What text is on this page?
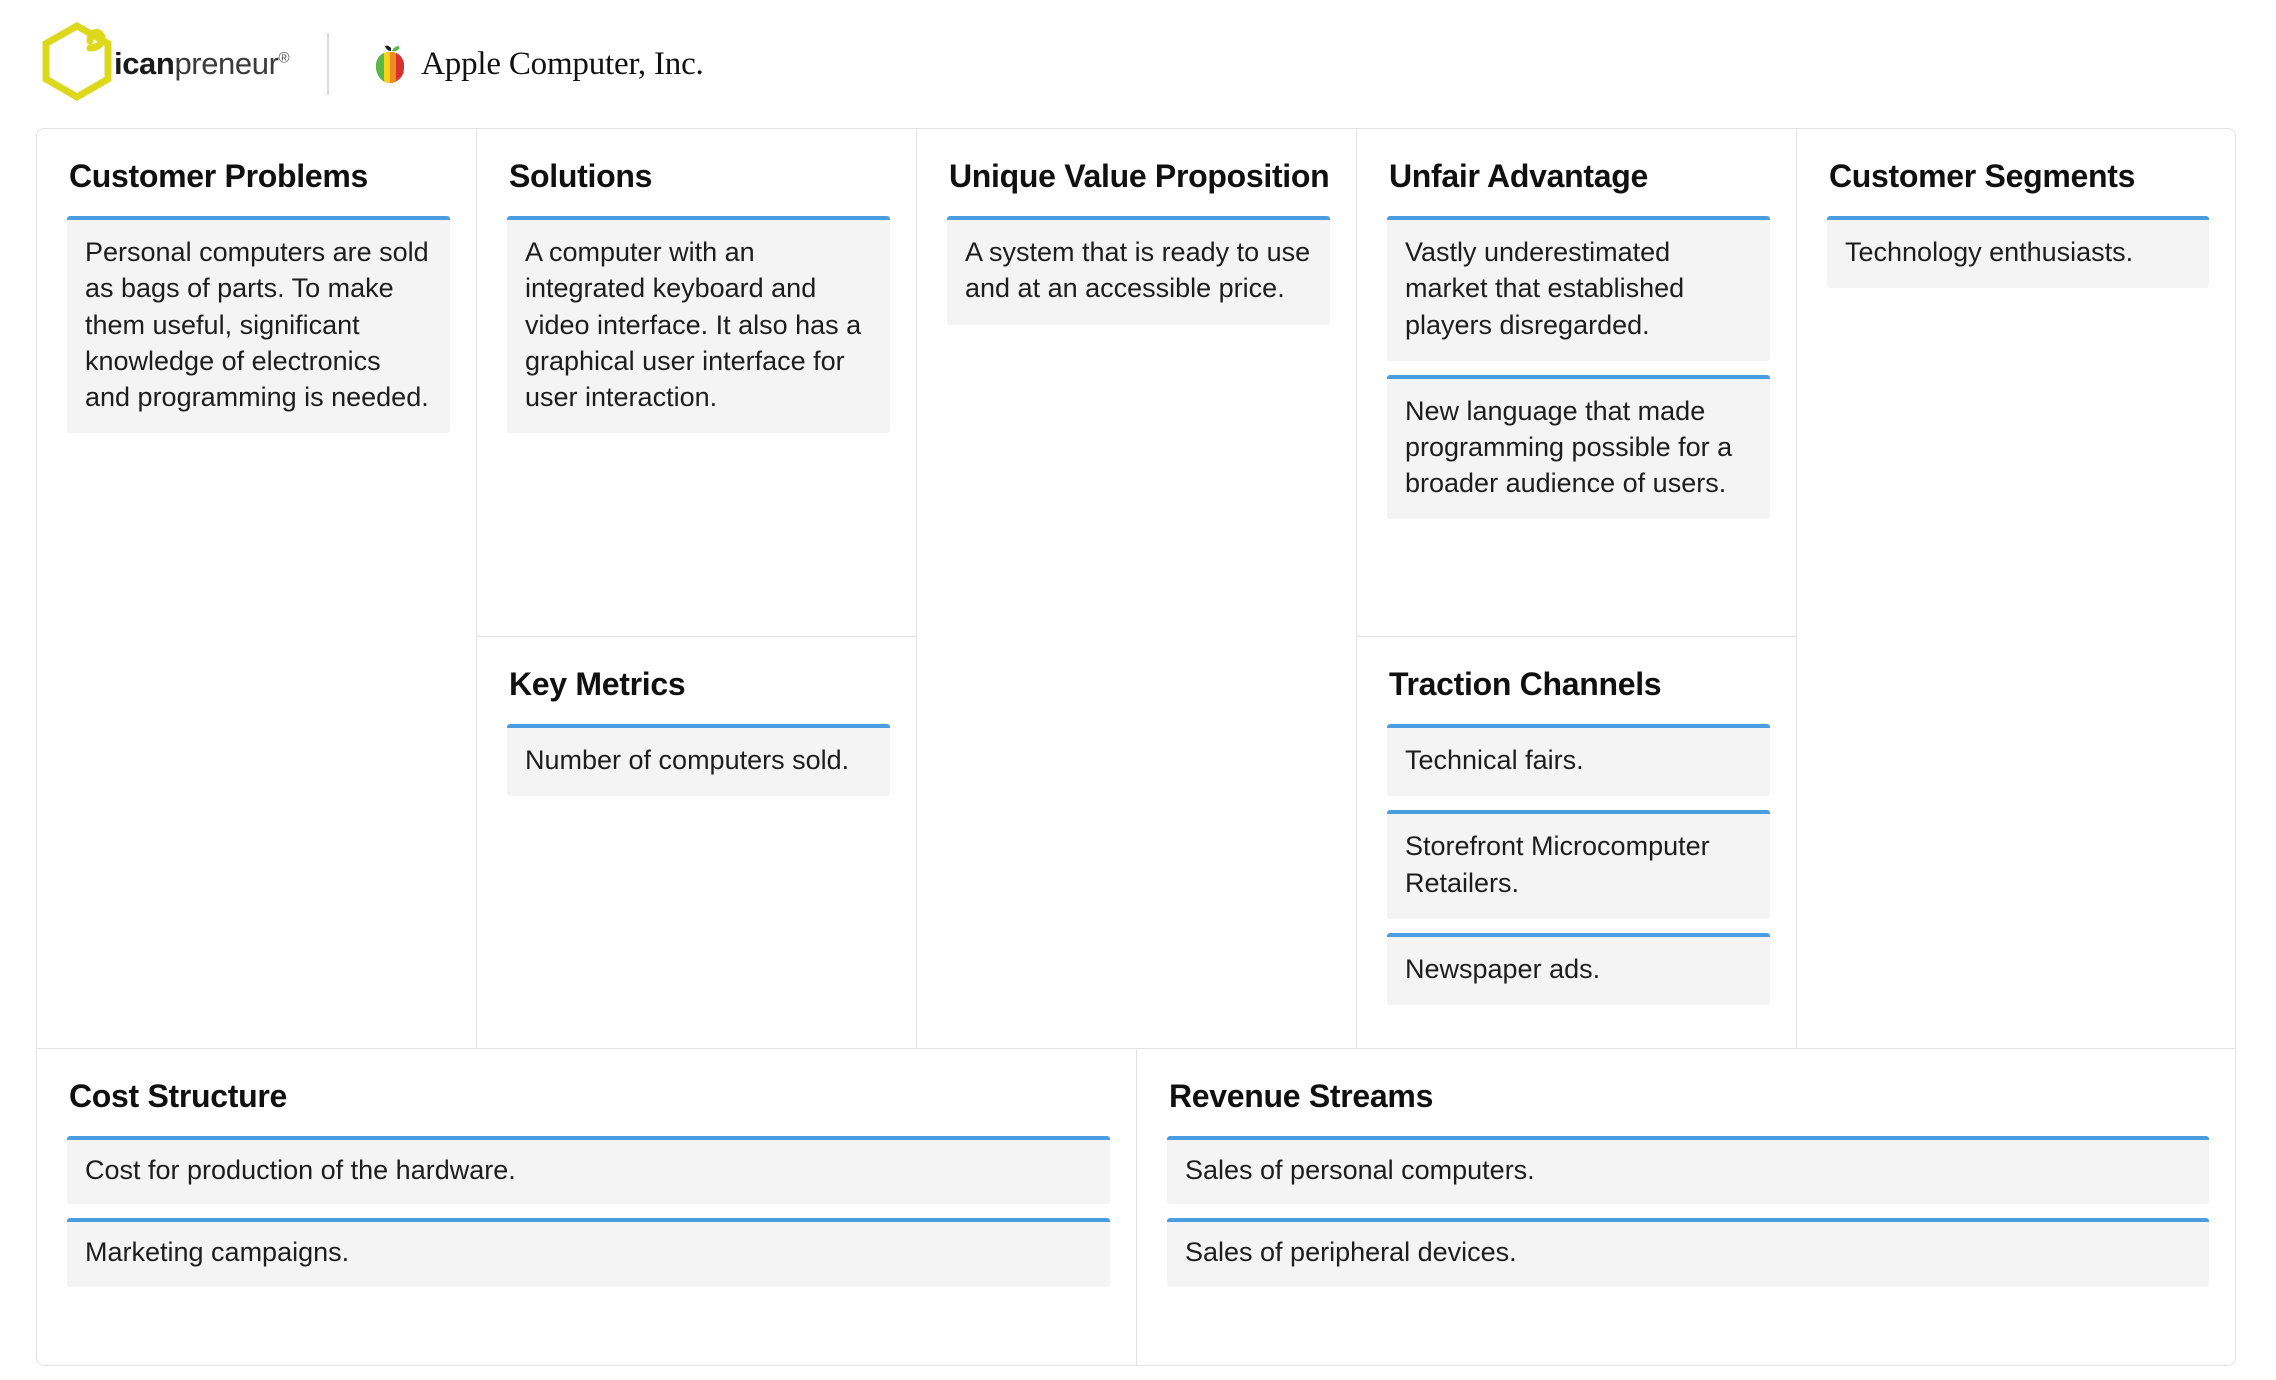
icanpreneur®	Apple Computer, Inc.
Customer Problems
Personal computers are sold as bags of parts. To make them useful, significant knowledge of electronics and programming is needed.
Solutions
A computer with an integrated keyboard and video interface. It also has a graphical user interface for user interaction.
Key Metrics
Number of computers sold.
Unique Value Proposition
A system that is ready to use and at an accessible price.
Unfair Advantage
Vastly underestimated market that established players disregarded.
New language that made programming possible for a broader audience of users.
Traction Channels
Technical fairs.
Storefront Microcomputer Retailers.
Newspaper ads.
Customer Segments
Technology enthusiasts.
Cost Structure
Cost for production of the hardware.
Marketing campaigns.
Revenue Streams
Sales of personal computers.
Sales of peripheral devices.
